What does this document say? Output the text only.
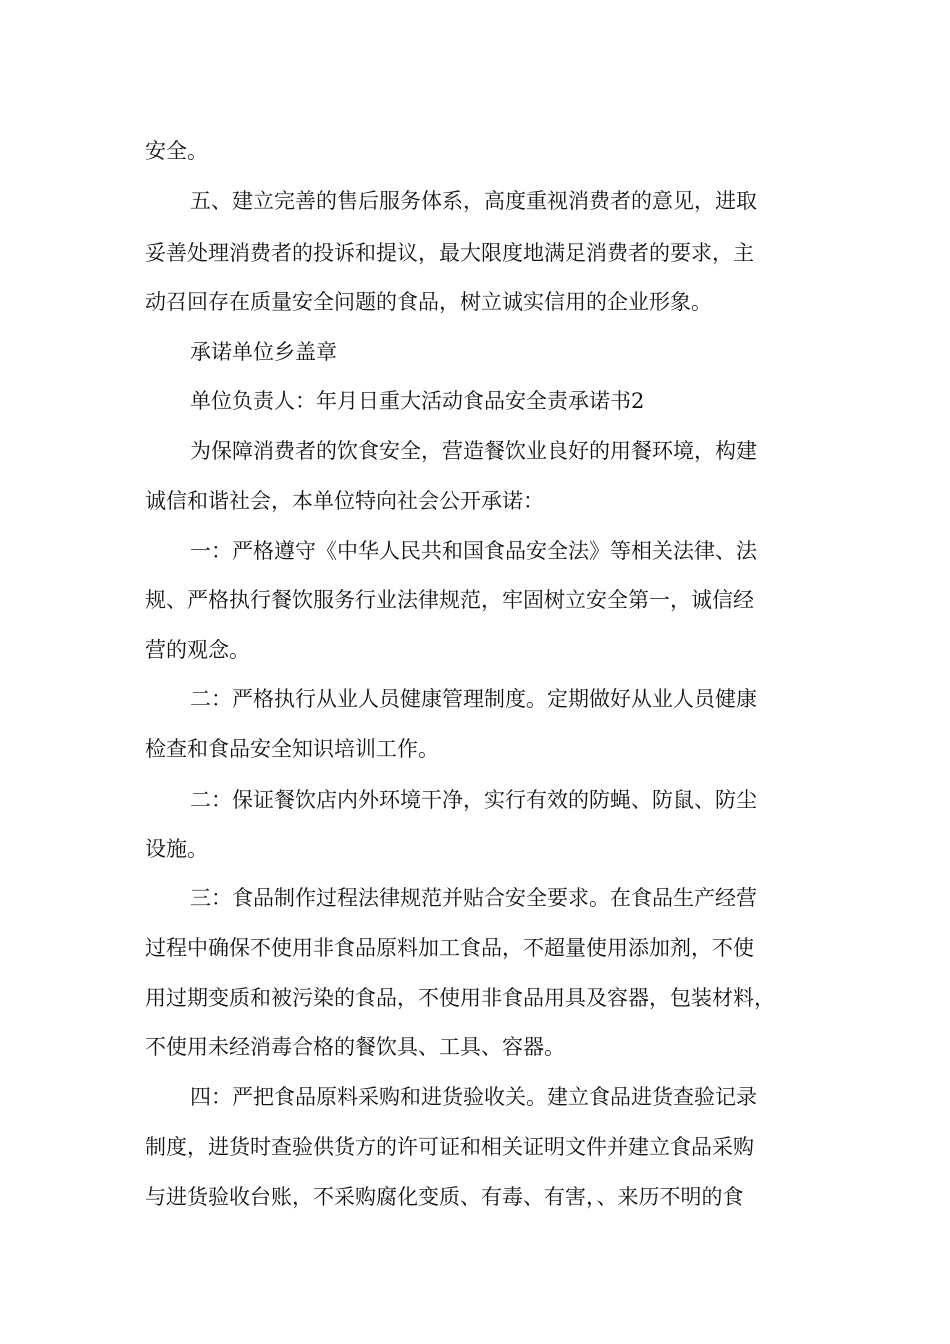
安全。

五、建立完善的售后服务体系，高度重视消费者的意见，进取

妥善处理消费者的投诉和提议，最大限度地满足消费者的要求，主

动召回存在质量安全问题的食品，树立诚实信用的企业形象。

承诺单位乡盖章

单位负责人：年月日重大活动食品安全责承诺书2

为保障消费者的饮食安全，营造餐饮业良好的用餐环境，构建

诚信和谐社会，本单位特向社会公开承诺：

一：严格遵守《中华人民共和国食品安全法》等相关法律、法

规、严格执行餐饮服务行业法律规范，牢固树立安全第一，诚信经

营的观念。

二：严格执行从业人员健康管理制度。定期做好从业人员健康

检查和食品安全知识培训工作。

二：保证餐饮店内外环境干净，实行有效的防蝇、防鼠、防尘

设施。

三：食品制作过程法律规范并贴合安全要求。在食品生产经营

过程中确保不使用非食品原料加工食品，不超量使用添加剂，不使

用过期变质和被污染的食品，不使用非食品用具及容器，包装材料，

不使用未经消毒合格的餐饮具、工具、容器。

四：严把食品原料采购和进货验收关。建立食品进货查验记录

制度，进货时查验供货方的许可证和相关证明文件并建立食品采购

与进货验收台账，不采购腐化变质、有毒、有害，、来历不明的食
